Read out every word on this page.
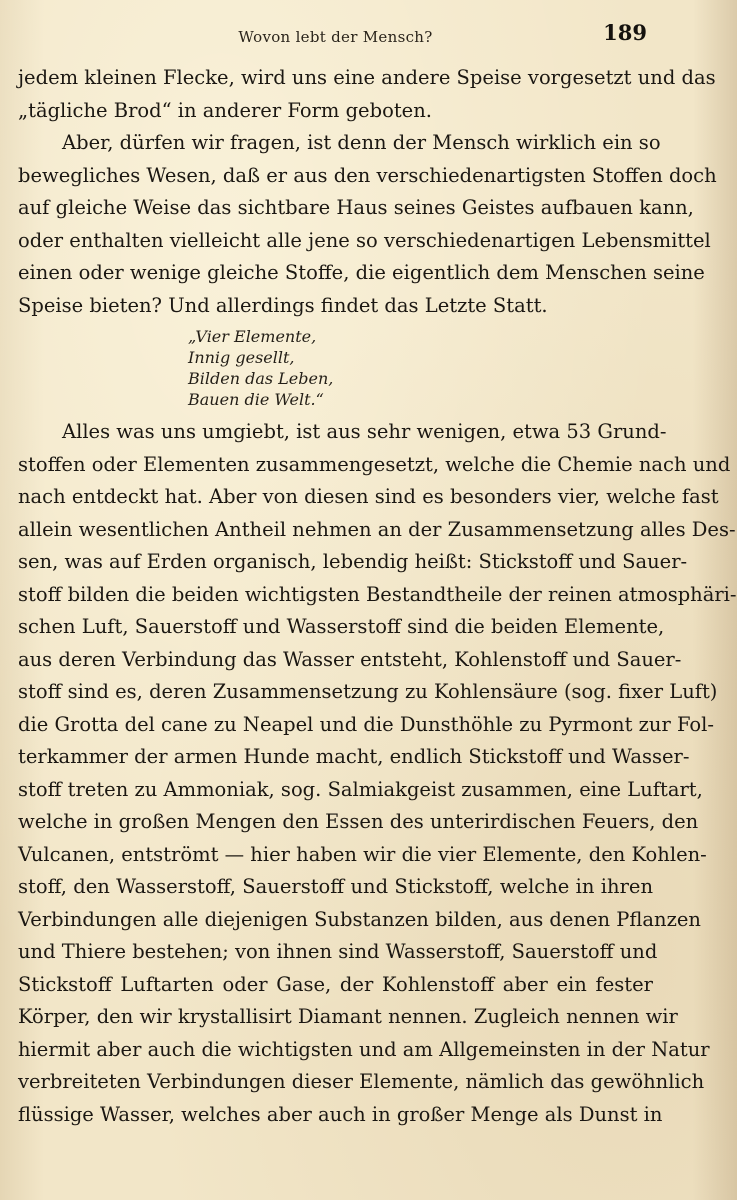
Wovon lebt der Mensch?	189
jedem kleinen Flecke, wird uns eine andere Speise vorgesetzt und das
„tägliche Brod“ in anderer Form geboten.
Aber, dürfen wir fragen, ist denn der Mensch wirklich ein so
bewegliches Wesen, daß er aus den verschiedenartigsten Stoffen doch
auf gleiche Weise das sichtbare Haus seines Geistes aufbauen kann,
oder enthalten vielleicht alle jene so verschiedenartigen Lebensmittel
einen oder wenige gleiche Stoffe, die eigentlich dem Menschen seine
Speise bieten? Und allerdings findet das Letzte Statt.
„Vier Elemente,
Innig gesellt,
Bilden das Leben,
Bauen die Welt.“
Alles was uns umgiebt, ist aus sehr wenigen, etwa 53 Grund-
stoffen oder Elementen zusammengesetzt, welche die Chemie nach und
nach entdeckt hat. Aber von diesen sind es besonders vier, welche fast
allein wesentlichen Antheil nehmen an der Zusammensetzung alles Des-
sen, was auf Erden organisch, lebendig heißt: Stickstoff und Sauer-
stoff bilden die beiden wichtigsten Bestandtheile der reinen atmosphäri-
schen Luft, Sauerstoff und Wasserstoff sind die beiden Elemente,
aus deren Verbindung das Wasser entsteht, Kohlenstoff und Sauer-
stoff sind es, deren Zusammensetzung zu Kohlensäure (sog. fixer Luft)
die Grotta del cane zu Neapel und die Dunsthöhle zu Pyrmont zur Fol-
terkammer der armen Hunde macht, endlich Stickstoff und Wasser-
stoff treten zu Ammoniak, sog. Salmiakgeist zusammen, eine Luftart,
welche in großen Mengen den Essen des unterirdischen Feuers, den
Vulcanen, entströmt — hier haben wir die vier Elemente, den Kohlen-
stoff, den Wasserstoff, Sauerstoff und Stickstoff, welche in ihren
Verbindungen alle diejenigen Substanzen bilden, aus denen Pflanzen
und Thiere bestehen; von ihnen sind Wasserstoff, Sauerstoff und
Stickstoff Luftarten oder Gase, der Kohlenstoff aber ein fester
Körper, den wir krystallisirt Diamant nennen. Zugleich nennen wir
hiermit aber auch die wichtigsten und am Allgemeinsten in der Natur
verbreiteten Verbindungen dieser Elemente, nämlich das gewöhnlich
flüssige Wasser, welches aber auch in großer Menge als Dunst in
